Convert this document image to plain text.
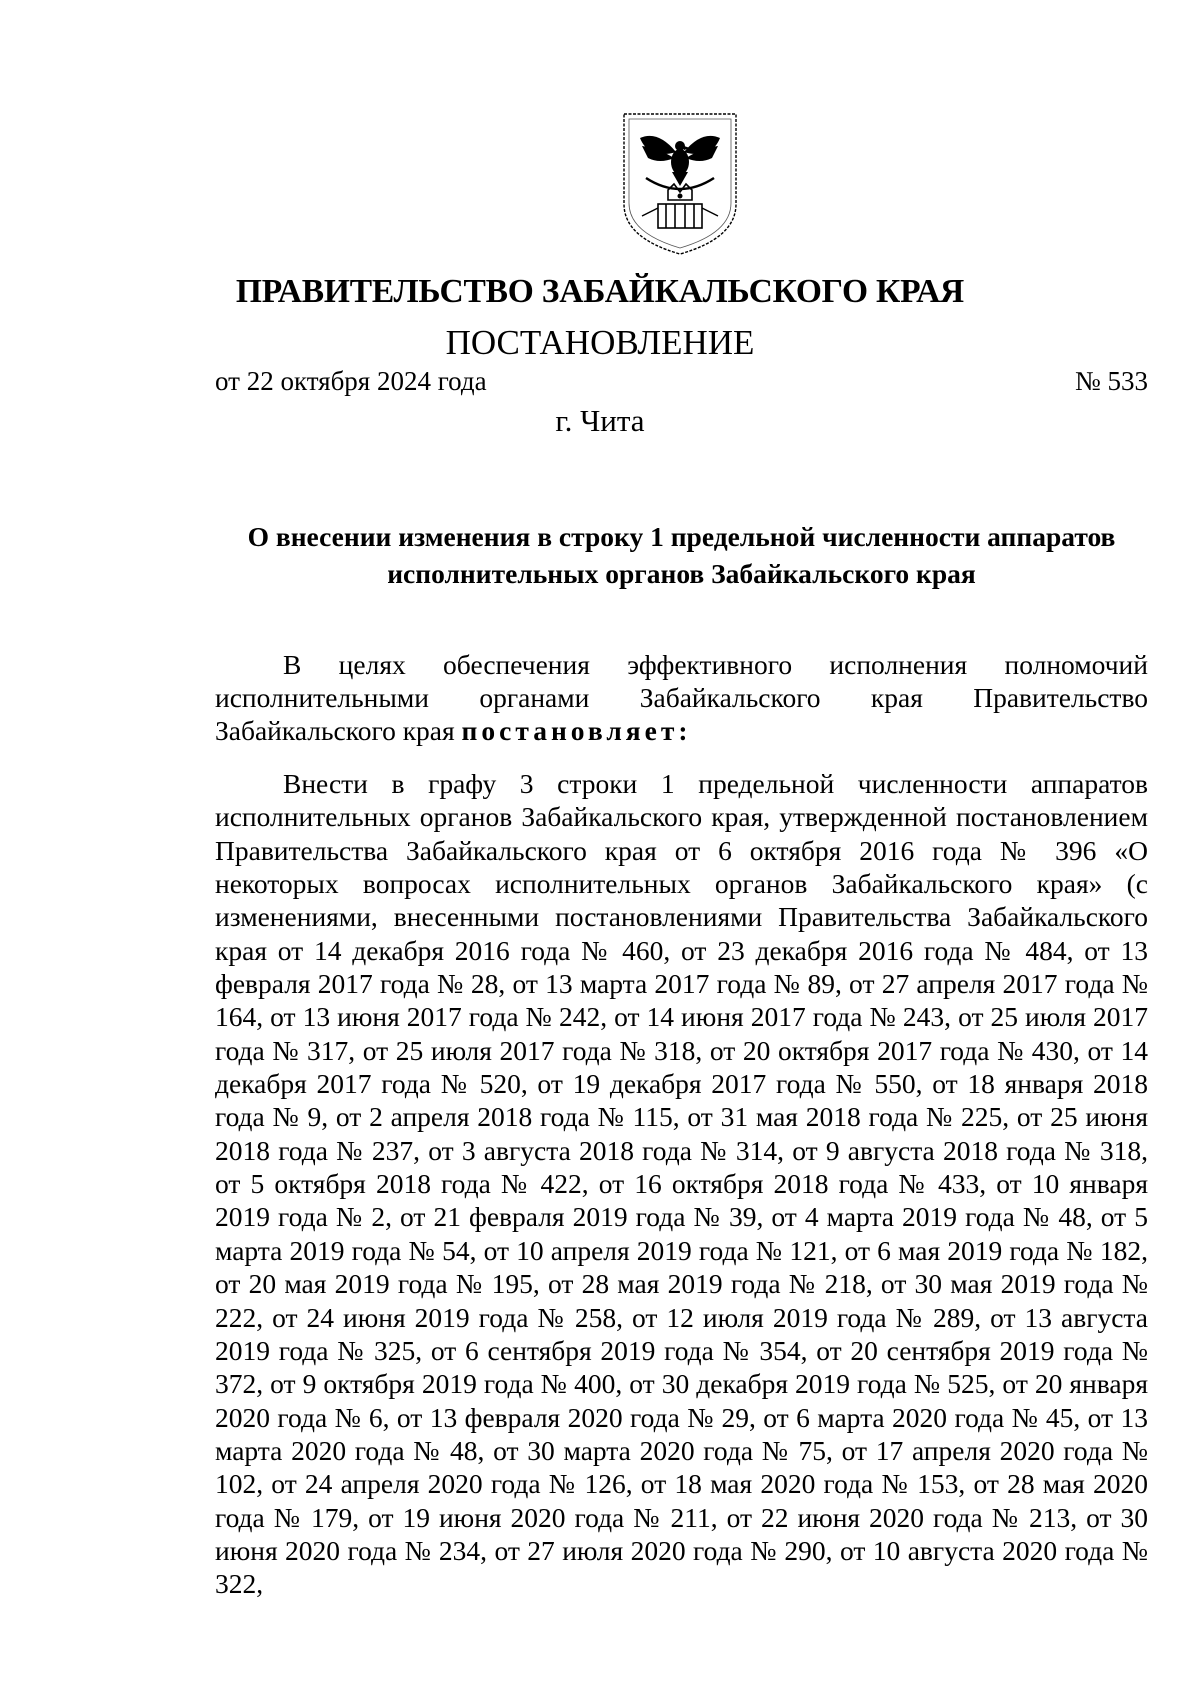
ПРАВИТЕЛЬСТВО ЗАБАЙКАЛЬСКОГО КРАЯ
ПОСТАНОВЛЕНИЕ
от 22 октября 2024 года	№ 533
г. Чита
О внесении изменения в строку 1 предельной численности аппаратов исполнительных органов Забайкальского края

В целях обеспечения эффективного исполнения полномочий исполнительными органами Забайкальского края Правительство Забайкальского края постановляет:

Внести в графу 3 строки 1 предельной численности аппаратов исполнительных органов Забайкальского края, утвержденной постановлением Правительства Забайкальского края от 6 октября 2016 года № 396 «О некоторых вопросах исполнительных органов Забайкальского края» (с изменениями, внесенными постановлениями Правительства Забайкальского края от 14 декабря 2016 года № 460, от 23 декабря 2016 года № 484, от 13 февраля 2017 года № 28, от 13 марта 2017 года № 89, от 27 апреля 2017 года № 164, от 13 июня 2017 года № 242, от 14 июня 2017 года № 243, от 25 июля 2017 года № 317, от 25 июля 2017 года № 318, от 20 октября 2017 года № 430, от 14 декабря 2017 года № 520, от 19 декабря 2017 года № 550, от 18 января 2018 года № 9, от 2 апреля 2018 года № 115, от 31 мая 2018 года № 225, от 25 июня 2018 года № 237, от 3 августа 2018 года № 314, от 9 августа 2018 года № 318, от 5 октября 2018 года № 422, от 16 октября 2018 года № 433, от 10 января 2019 года № 2, от 21 февраля 2019 года № 39, от 4 марта 2019 года № 48, от 5 марта 2019 года № 54, от 10 апреля 2019 года № 121, от 6 мая 2019 года № 182, от 20 мая 2019 года № 195, от 28 мая 2019 года № 218, от 30 мая 2019 года № 222, от 24 июня 2019 года № 258, от 12 июля 2019 года № 289, от 13 августа 2019 года № 325, от 6 сентября 2019 года № 354, от 20 сентября 2019 года № 372, от 9 октября 2019 года № 400, от 30 декабря 2019 года № 525, от 20 января 2020 года № 6, от 13 февраля 2020 года № 29, от 6 марта 2020 года № 45, от 13 марта 2020 года № 48, от 30 марта 2020 года № 75, от 17 апреля 2020 года № 102, от 24 апреля 2020 года № 126, от 18 мая 2020 года № 153, от 28 мая 2020 года № 179, от 19 июня 2020 года № 211, от 22 июня 2020 года № 213, от 30 июня 2020 года № 234, от 27 июля 2020 года № 290, от 10 августа 2020 года № 322,
